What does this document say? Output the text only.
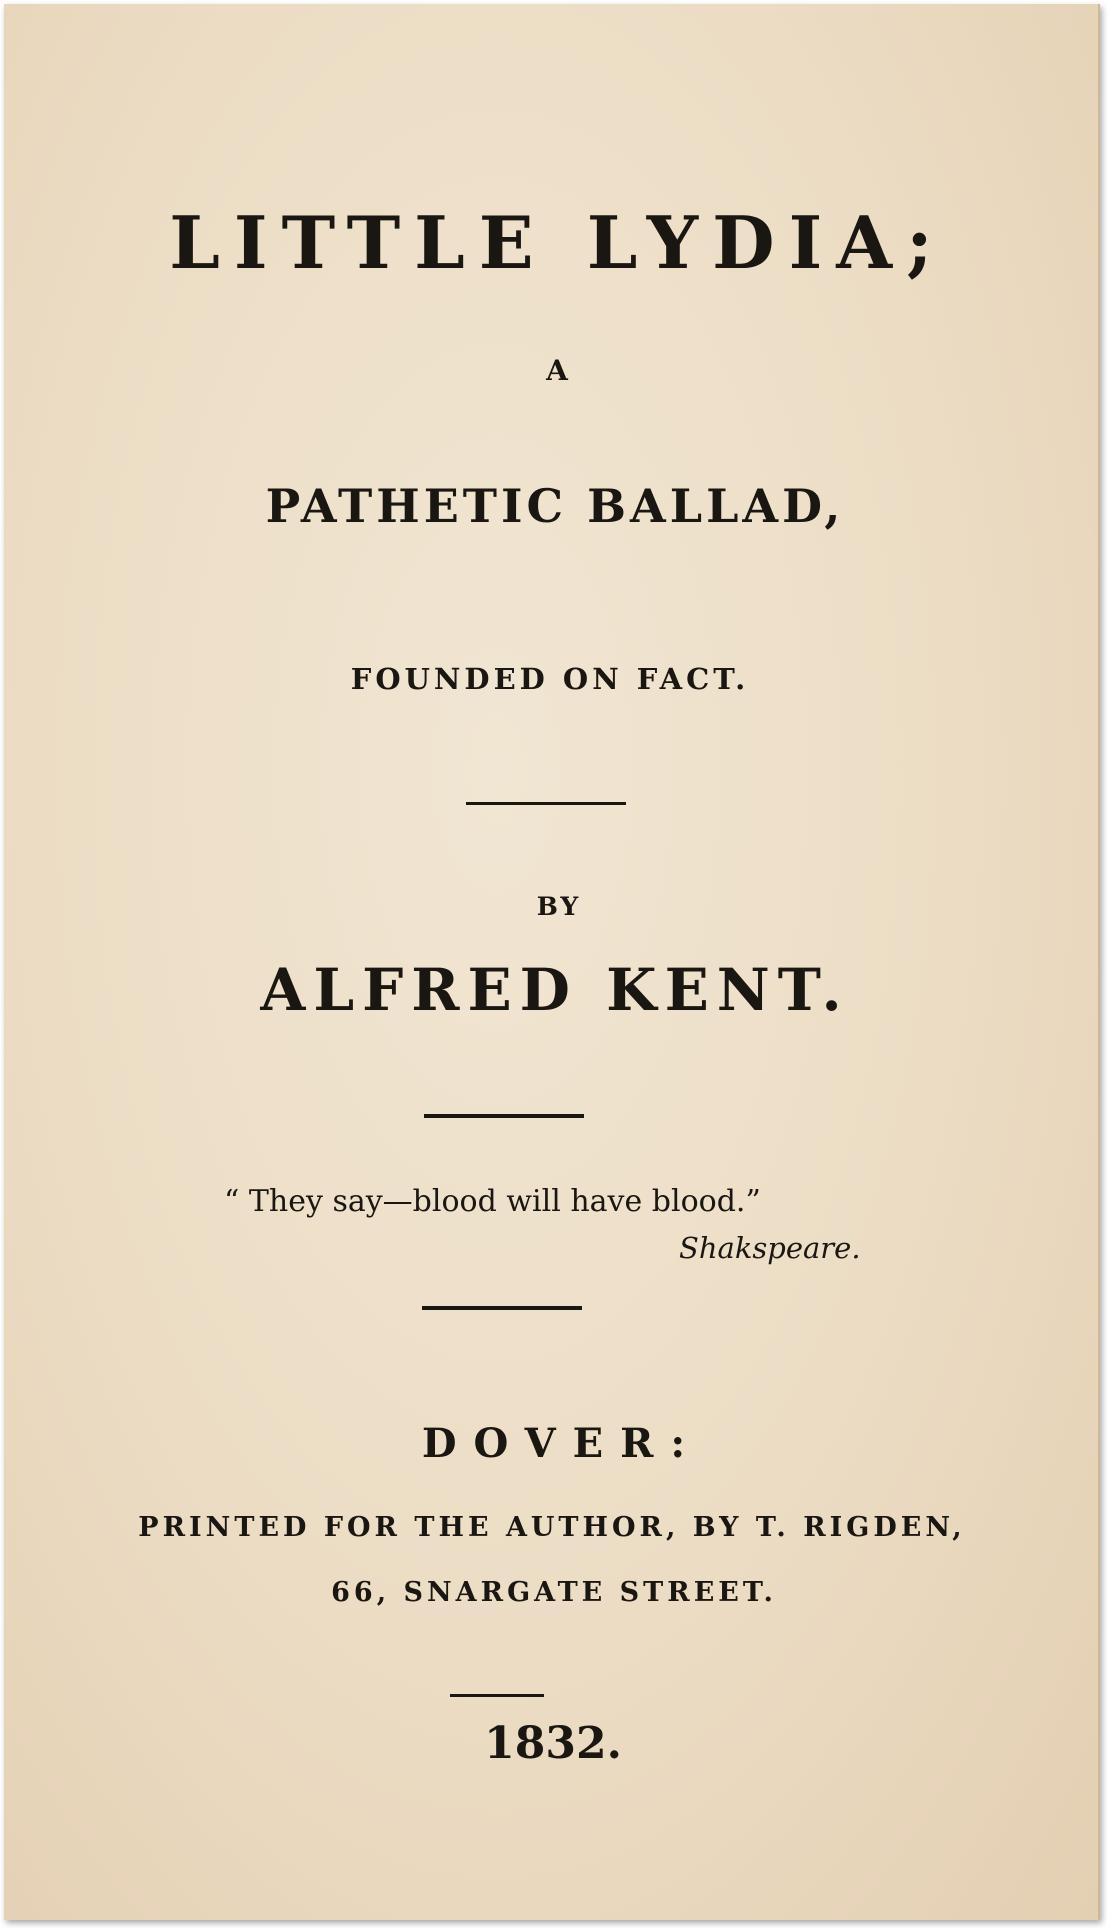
LITTLE LYDIA;
A
PATHETIC BALLAD,
FOUNDED ON FACT.
BY
ALFRED KENT.
“ They say—blood will have blood.”
Shakspeare.
DOVER:
PRINTED FOR THE AUTHOR, BY T. RIGDEN,
66, SNARGATE STREET.
1832.
